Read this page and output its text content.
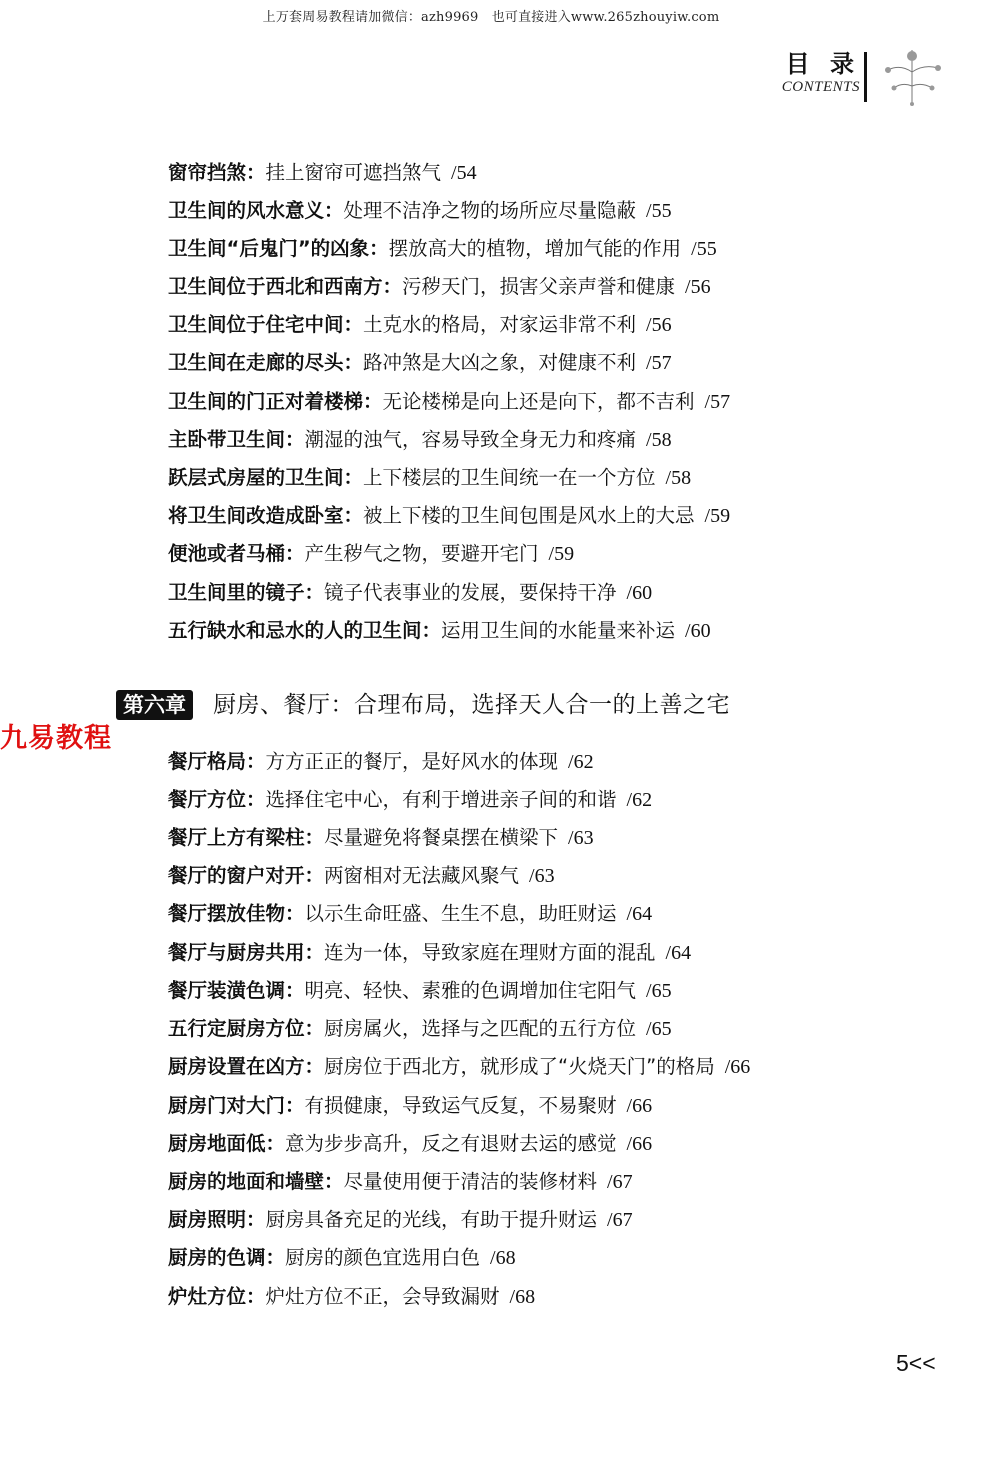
上万套周易教程请加微信：azh9969　也可直接进入www.265zhouyiw.com
目 录
CONTENTS
窗帘挡煞：挂上窗帘可遮挡煞气 /54
卫生间的风水意义：处理不洁净之物的场所应尽量隐蔽 /55
卫生间“后鬼门”的凶象：摆放高大的植物，增加气能的作用 /55
卫生间位于西北和西南方：污秽天门，损害父亲声誉和健康 /56
卫生间位于住宅中间：土克水的格局，对家运非常不利 /56
卫生间在走廊的尽头：路冲煞是大凶之象，对健康不利 /57
卫生间的门正对着楼梯：无论楼梯是向上还是向下，都不吉利 /57
主卧带卫生间：潮湿的浊气，容易导致全身无力和疼痛 /58
跃层式房屋的卫生间：上下楼层的卫生间统一在一个方位 /58
将卫生间改造成卧室：被上下楼的卫生间包围是风水上的大忌 /59
便池或者马桶：产生秽气之物，要避开宅门 /59
卫生间里的镜子：镜子代表事业的发展，要保持干净 /60
五行缺水和忌水的人的卫生间：运用卫生间的水能量来补运 /60
餐厅格局：方方正正的餐厅，是好风水的体现 /62
餐厅方位：选择住宅中心，有利于增进亲子间的和谐 /62
餐厅上方有梁柱：尽量避免将餐桌摆在横梁下 /63
餐厅的窗户对开：两窗相对无法藏风聚气 /63
餐厅摆放佳物：以示生命旺盛、生生不息，助旺财运 /64
餐厅与厨房共用：连为一体，导致家庭在理财方面的混乱 /64
餐厅装潢色调：明亮、轻快、素雅的色调增加住宅阳气 /65
五行定厨房方位：厨房属火，选择与之匹配的五行方位 /65
厨房设置在凶方：厨房位于西北方，就形成了“火烧天门”的格局 /66
厨房门对大门：有损健康，导致运气反复，不易聚财 /66
厨房地面低：意为步步高升，反之有退财去运的感觉 /66
厨房的地面和墙壁：尽量使用便于清洁的装修材料 /67
厨房照明：厨房具备充足的光线，有助于提升财运 /67
厨房的色调：厨房的颜色宜选用白色 /68
炉灶方位：炉灶方位不正，会导致漏财 /68
第六章 厨房、餐厅：合理布局，选择天人合一的上善之宅
九易教程
5<<
